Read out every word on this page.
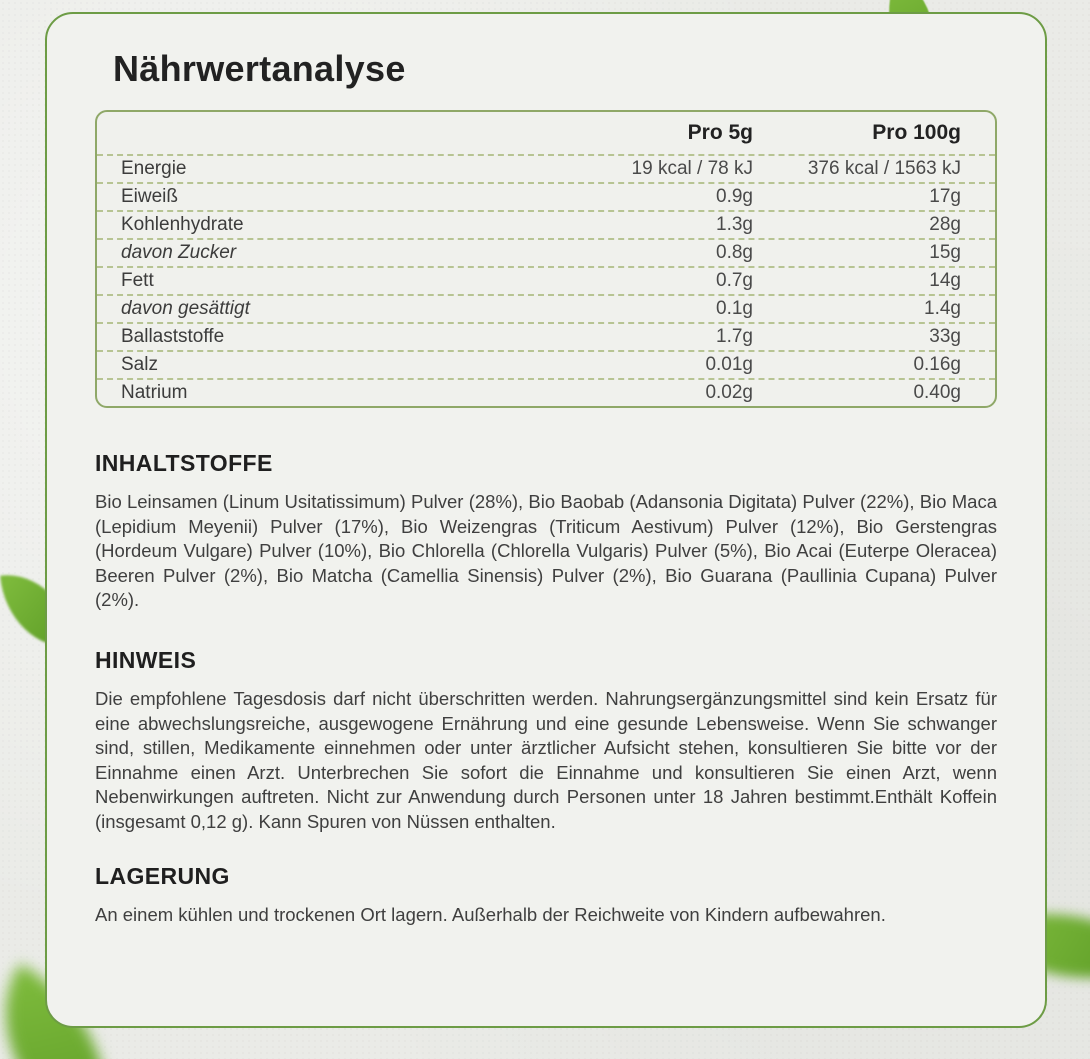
Nährwertanalyse
Pro 5g	Pro 100g
Energie	19 kcal / 78 kJ	376 kcal / 1563 kJ
Eiweiß	0.9g	17g
Kohlenhydrate	1.3g	28g
davon Zucker	0.8g	15g
Fett	0.7g	14g
davon gesättigt	0.1g	1.4g
Ballaststoffe	1.7g	33g
Salz	0.01g	0.16g
Natrium	0.02g	0.40g
INHALTSTOFFE
Bio Leinsamen (Linum Usitatissimum) Pulver (28%), Bio Baobab (Adansonia Digitata) Pulver (22%), Bio Maca (Lepidium Meyenii) Pulver (17%), Bio Weizengras (Triticum Aestivum) Pulver (12%), Bio Gerstengras (Hordeum Vulgare) Pulver (10%), Bio Chlorella (Chlorella Vulgaris) Pulver (5%), Bio Acai (Euterpe Oleracea) Beeren Pulver (2%), Bio Matcha (Camellia Sinensis) Pulver (2%), Bio Guarana (Paullinia Cupana) Pulver (2%).
HINWEIS
Die empfohlene Tagesdosis darf nicht überschritten werden. Nahrungsergänzungsmittel sind kein Ersatz für eine abwechslungsreiche, ausgewogene Ernährung und eine gesunde Lebensweise. Wenn Sie schwanger sind, stillen, Medikamente einnehmen oder unter ärztlicher Aufsicht stehen, konsultieren Sie bitte vor der Einnahme einen Arzt. Unterbrechen Sie sofort die Einnahme und konsultieren Sie einen Arzt, wenn Nebenwirkungen auftreten. Nicht zur Anwendung durch Personen unter 18 Jahren bestimmt.Enthält Koffein (insgesamt 0,12 g). Kann Spuren von Nüssen enthalten.
LAGERUNG
An einem kühlen und trockenen Ort lagern. Außerhalb der Reichweite von Kindern aufbewahren.
